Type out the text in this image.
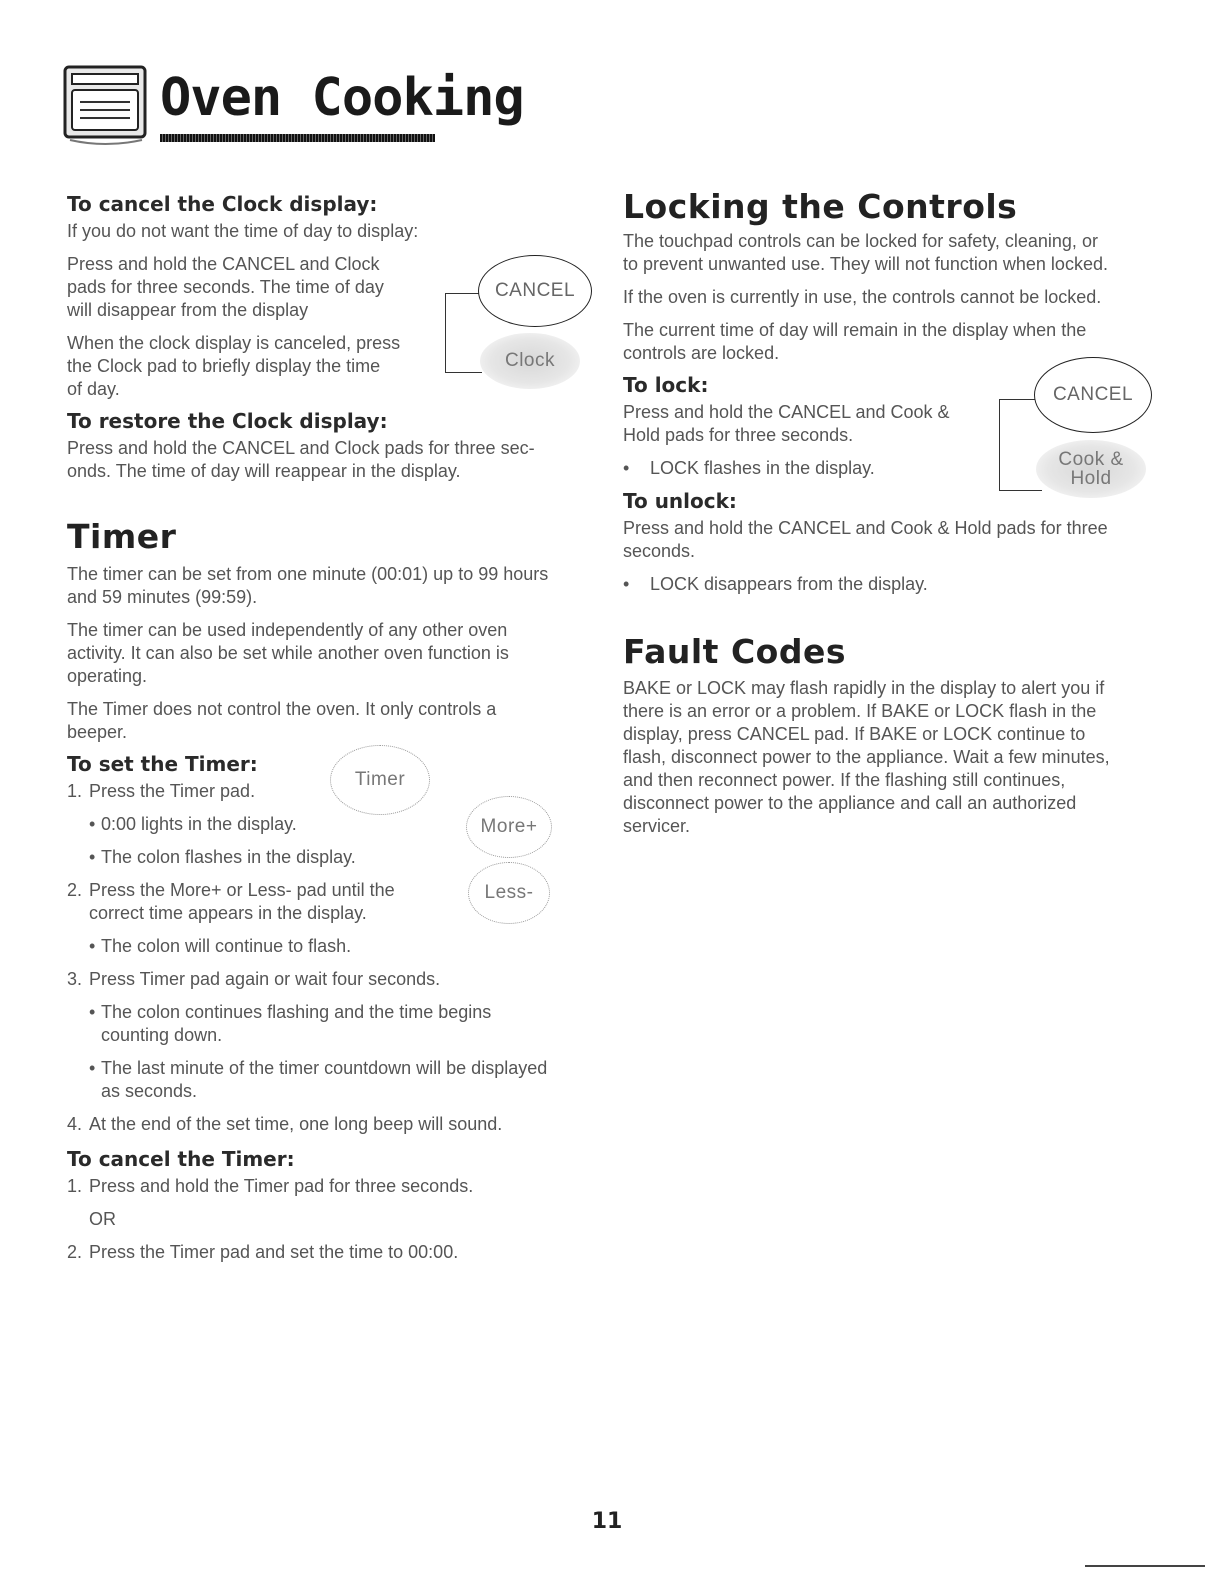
Oven Cooking
To cancel the Clock display:

If you do not want the time of day to display:

Press and hold the CANCEL and Clock

pads for three seconds. The time of day

will disappear from the display

When the clock display is canceled, press

the Clock pad to briefly display the time

of day.

CANCEL
Clock
To restore the Clock display:

Press and hold the CANCEL and Clock pads for three sec-

onds. The time of day will reappear in the display.

Timer

The timer can be set from one minute (00:01) up to 99 hours

and 59 minutes (99:59).

The timer can be used independently of any other oven

activity. It can also be set while another oven function is

operating.

The Timer does not control the oven. It only controls a

beeper.

To set the Timer:

1. Press the Timer pad.

• 0:00 lights in the display.

• The colon flashes in the display.

2. Press the More+ or Less- pad until the

correct time appears in the display.

• The colon will continue to flash.

3. Press Timer pad again or wait four seconds.

• The colon continues flashing and the time begins

counting down.

• The last minute of the timer countdown will be displayed

as seconds.

4. At the end of the set time, one long beep will sound.

Timer
More+
Less-
To cancel the Timer:

1. Press and hold the Timer pad for three seconds.

OR

2. Press the Timer pad and set the time to 00:00.

Locking the Controls

The touchpad controls can be locked for safety, cleaning, or

to prevent unwanted use. They will not function when locked.

If the oven is currently in use, the controls cannot be locked.

The current time of day will remain in the display when the

controls are locked.

To lock:

Press and hold the CANCEL and Cook &

Hold pads for three seconds.

• LOCK flashes in the display.

CANCEL
Cook &
Hold
To unlock:

Press and hold the CANCEL and Cook & Hold pads for three

seconds.

• LOCK disappears from the display.

Fault Codes

BAKE or LOCK may flash rapidly in the display to alert you if

there is an error or a problem. If BAKE or LOCK flash in the

display, press CANCEL pad. If BAKE or LOCK continue to

flash, disconnect power to the appliance. Wait a few minutes,

and then reconnect power. If the flashing still continues,

disconnect power to the appliance and call an authorized

servicer.

11
